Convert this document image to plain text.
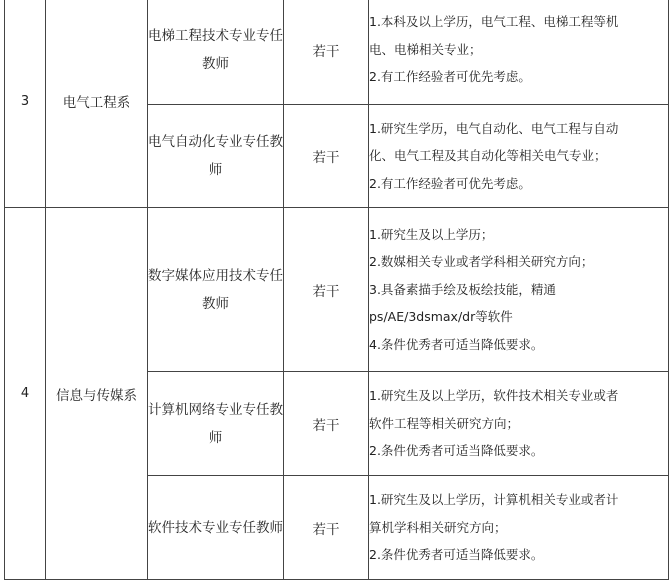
3	电气工程系	电梯工程技术专业专任教师	若干	1.本科及以上学历，电气工程、电梯工程等机
电、电梯相关专业；
2.有工作经验者可优先考虑。

		电气自动化专业专任教师	若干	1.研究生学历，电气自动化、电气工程与自动
化、电气工程及其自动化等相关电气专业；
2.有工作经验者可优先考虑。

4	信息与传媒系	数字媒体应用技术专任教师	若干	1.研究生及以上学历；
2.数媒相关专业或者学科相关研究方向；
3.具备素描手绘及板绘技能，精通
ps/AE/3dsmax/dr等软件
4.条件优秀者可适当降低要求。

		计算机网络专业专任教师	若干	1.研究生及以上学历，软件技术相关专业或者
软件工程等相关研究方向；
2.条件优秀者可适当降低要求。

		软件技术专业专任教师	若干	1.研究生及以上学历，计算机相关专业或者计
算机学科相关研究方向；
2.条件优秀者可适当降低要求。
